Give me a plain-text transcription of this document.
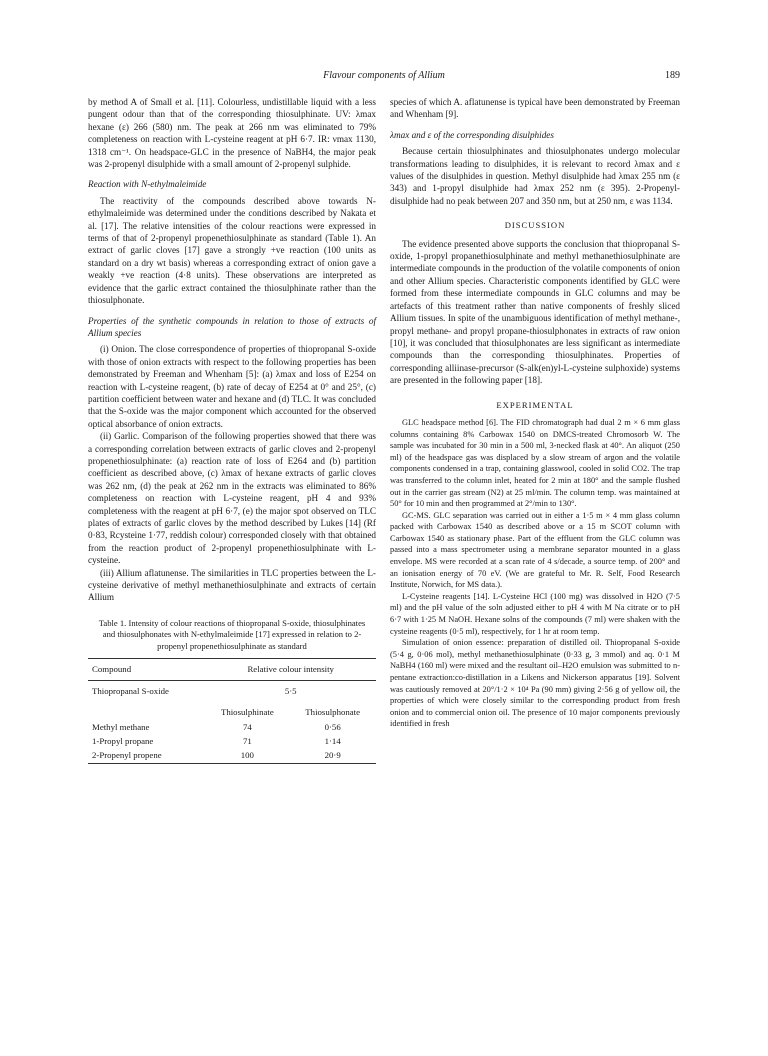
Flavour components of Allium	189

by method A of Small et al. [11]. Colourless, undistillable liquid with a less pungent odour than that of the corresponding thiosulphinate. UV: λmax hexane (ε) 266 (580) nm. The peak at 266 nm was eliminated to 79% completeness on reaction with L-cysteine reagent at pH 6·7. IR: νmax 1130, 1318 cm⁻¹. On headspace-GLC in the presence of NaBH4, the major peak was 2-propenyl disulphide with a small amount of 2-propenyl sulphide.

Reaction with N-ethylmaleimide

The reactivity of the compounds described above towards N-ethylmaleimide was determined under the conditions described by Nakata et al. [17]. The relative intensities of the colour reactions were expressed in terms of that of 2-propenyl propenethiosulphinate as standard (Table 1). An extract of garlic cloves [17] gave a strongly +ve reaction (100 units as standard on a dry wt basis) whereas a corresponding extract of onion gave a weakly +ve reaction (4·8 units). These observations are interpreted as evidence that the garlic extract contained the thiosulphinate rather than the thiosulphonate.

Properties of the synthetic compounds in relation to those of extracts of Allium species

(i) Onion. The close correspondence of properties of thiopropanal S-oxide with those of onion extracts with respect to the following properties has been demonstrated by Freeman and Whenham [5]: (a) λmax and loss of E254 on reaction with L-cysteine reagent, (b) rate of decay of E254 at 0° and 25°, (c) partition coefficient between water and hexane and (d) TLC. It was concluded that the S-oxide was the major component which accounted for the observed optical absorbance of onion extracts.

(ii) Garlic. Comparison of the following properties showed that there was a corresponding correlation between extracts of garlic cloves and 2-propenyl propenethiosulphinate: (a) reaction rate of loss of E264 and (b) partition coefficient as described above, (c) λmax of hexane extracts of garlic cloves was 262 nm, (d) the peak at 262 nm in the extracts was eliminated to 86% completeness on reaction with L-cysteine reagent, pH 4 and 93% completeness with the reagent at pH 6·7, (e) the major spot observed on TLC plates of extracts of garlic cloves by the method described by Lukes [14] (Rf 0·83, Rcysteine 1·77, reddish colour) corresponded closely with that obtained from the reaction product of 2-propenyl propenethiosulphinate with L-cysteine.

(iii) Allium aflatunense. The similarities in TLC properties between the L-cysteine derivative of methyl methanethiosulphinate and extracts of certain Allium

Table 1. Intensity of colour reactions of thiopropanal S-oxide, thiosulphinates and thiosulphonates with N-ethylmaleimide [17] expressed in relation to 2-propenyl propenethiosulphinate as standard
Compound	Relative colour intensity	
Thiopropanal S-oxide	5·5	
	Thiosulphinate	Thiosulphonate
Methyl methane	74	0·56
1-Propyl propane	71	1·14
2-Propenyl propene	100	20·9

species of which A. aflatunense is typical have been demonstrated by Freeman and Whenham [9].

λmax and ε of the corresponding disulphides

Because certain thiosulphinates and thiosulphonates undergo molecular transformations leading to disulphides, it is relevant to record λmax and ε values of the disulphides in question. Methyl disulphide had λmax 255 nm (ε 343) and 1-propyl disulphide had λmax 252 nm (ε 395). 2-Propenyl-disulphide had no peak between 207 and 350 nm, but at 250 nm, ε was 1134.

DISCUSSION

The evidence presented above supports the conclusion that thiopropanal S-oxide, 1-propyl propanethiosulphinate and methyl methanethiosulphinate are intermediate compounds in the production of the volatile components of onion and other Allium species. Characteristic components identified by GLC were formed from these intermediate compounds in GLC columns and may be artefacts of this treatment rather than native components of freshly sliced Allium tissues. In spite of the unambiguous identification of methyl methane-, propyl methane- and propyl propane-thiosulphonates in extracts of raw onion [10], it was concluded that thiosulphonates are less significant as intermediate compounds than the corresponding thiosulphinates. Properties of corresponding alliinase-precursor (S-alk(en)yl-L-cysteine sulphoxide) systems are presented in the following paper [18].

EXPERIMENTAL

GLC headspace method [6]. The FID chromatograph had dual 2 m × 6 mm glass columns containing 8% Carbowax 1540 on DMCS-treated Chromosorb W. The sample was incubated for 30 min in a 500 ml, 3-necked flask at 40°. An aliquot (250 ml) of the headspace gas was displaced by a slow stream of argon and the volatile components condensed in a trap, containing glasswool, cooled in solid CO2. The trap was transferred to the column inlet, heated for 2 min at 180° and the sample flushed out in the carrier gas stream (N2) at 25 ml/min. The column temp. was maintained at 50° for 10 min and then programmed at 2°/min to 130°.

GC-MS. GLC separation was carried out in either a 1·5 m × 4 mm glass column packed with Carbowax 1540 as described above or a 15 m SCOT column with Carbowax 1540 as stationary phase. Part of the effluent from the GLC column was passed into a mass spectrometer using a membrane separator mounted in a glass envelope. MS were recorded at a scan rate of 4 s/decade, a source temp. of 200° and an ionisation energy of 70 eV. (We are grateful to Mr. R. Self, Food Research Institute, Norwich, for MS data.).

L-Cysteine reagents [14]. L-Cysteine HCl (100 mg) was dissolved in H2O (7·5 ml) and the pH value of the soln adjusted either to pH 4 with M Na citrate or to pH 6·7 with 1·25 M NaOH. Hexane solns of the compounds (7 ml) were shaken with the cysteine reagents (0·5 ml), respectively, for 1 hr at room temp.

Simulation of onion essence: preparation of distilled oil. Thiopropanal S-oxide (5·4 g, 0·06 mol), methyl methanethiosulphinate (0·33 g, 3 mmol) and aq. 0·1 M NaBH4 (160 ml) were mixed and the resultant oil–H2O emulsion was submitted to n-pentane extraction:co-distillation in a Likens and Nickerson apparatus [19]. Solvent was cautiously removed at 20°/1·2 × 10⁴ Pa (90 mm) giving 2·56 g of yellow oil, the properties of which were closely similar to the corresponding product from fresh onion and to commercial onion oil. The presence of 10 major components previously identified in fresh
